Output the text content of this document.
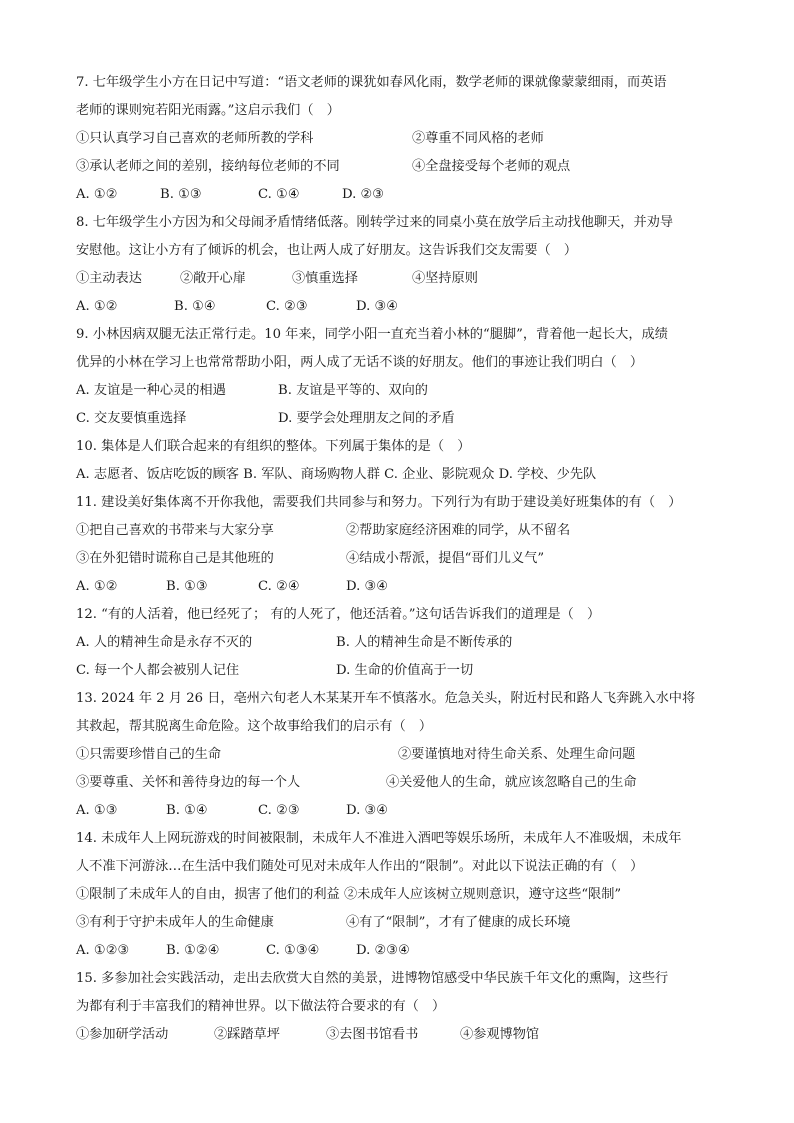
7. 七年级学生小方在日记中写道：“语文老师的课犹如春风化雨，数学老师的课就像蒙蒙细雨，而英语
老师的课则宛若阳光雨露。”这启示我们（　）
①只认真学习自己喜欢的老师所教的学科	②尊重不同风格的老师
③承认老师之间的差别，接纳每位老师的不同	④全盘接受每个老师的观点
A. ①②	B. ①③	C. ①④	D. ②③
8. 七年级学生小方因为和父母闹矛盾情绪低落。刚转学过来的同桌小莫在放学后主动找他聊天，并劝导
安慰他。这让小方有了倾诉的机会，也让两人成了好朋友。这告诉我们交友需要（　）
①主动表达	②敞开心扉	③慎重选择	④坚持原则
A. ①②	B. ①④	C. ②③	D. ③④
9. 小林因病双腿无法正常行走。10 年来，同学小阳一直充当着小林的“腿脚”，背着他一起长大，成绩
优异的小林在学习上也常常帮助小阳，两人成了无话不谈的好朋友。他们的事迹让我们明白（　）
A. 友谊是一种心灵的相遇	B. 友谊是平等的、双向的
C. 交友要慎重选择	D. 要学会处理朋友之间的矛盾
10. 集体是人们联合起来的有组织的整体。下列属于集体的是（　）
A. 志愿者、饭店吃饭的顾客 B. 军队、商场购物人群 C. 企业、影院观众 D. 学校、少先队
11. 建设美好集体离不开你我他，需要我们共同参与和努力。下列行为有助于建设美好班集体的有（　）
①把自己喜欢的书带来与大家分享	②帮助家庭经济困难的同学，从不留名
③在外犯错时谎称自己是其他班的	④结成小帮派，提倡“哥们儿义气”
A. ①②	B. ①③	C. ②④	D. ③④
12. “有的人活着，他已经死了； 有的人死了，他还活着。”这句话告诉我们的道理是（　）
A. 人的精神生命是永存不灭的	B. 人的精神生命是不断传承的
C. 每一个人都会被别人记住	D. 生命的价值高于一切
13. 2024 年 2 月 26 日，亳州六旬老人木某某开车不慎落水。危急关头，附近村民和路人飞奔跳入水中将
其救起，帮其脱离生命危险。这个故事给我们的启示有（　）
①只需要珍惜自己的生命	②要谨慎地对待生命关系、处理生命问题
③要尊重、关怀和善待身边的每一个人	④关爱他人的生命，就应该忽略自己的生命
A. ①③	B. ①④	C. ②③	D. ③④
14. 未成年人上网玩游戏的时间被限制，未成年人不准进入酒吧等娱乐场所，未成年人不准吸烟，未成年
人不准下河游泳…在生活中我们随处可见对未成年人作出的“限制”。对此以下说法正确的有（　）
①限制了未成年人的自由，损害了他们的利益 ②未成年人应该树立规则意识，遵守这些“限制”
③有利于守护未成年人的生命健康	④有了“限制”，才有了健康的成长环境
A. ①②③	B. ①②④	C. ①③④	D. ②③④
15. 多参加社会实践活动，走出去欣赏大自然的美景，进博物馆感受中华民族千年文化的熏陶，这些行
为都有利于丰富我们的精神世界。以下做法符合要求的有（　）
①参加研学活动	②踩踏草坪	③去图书馆看书	④参观博物馆
